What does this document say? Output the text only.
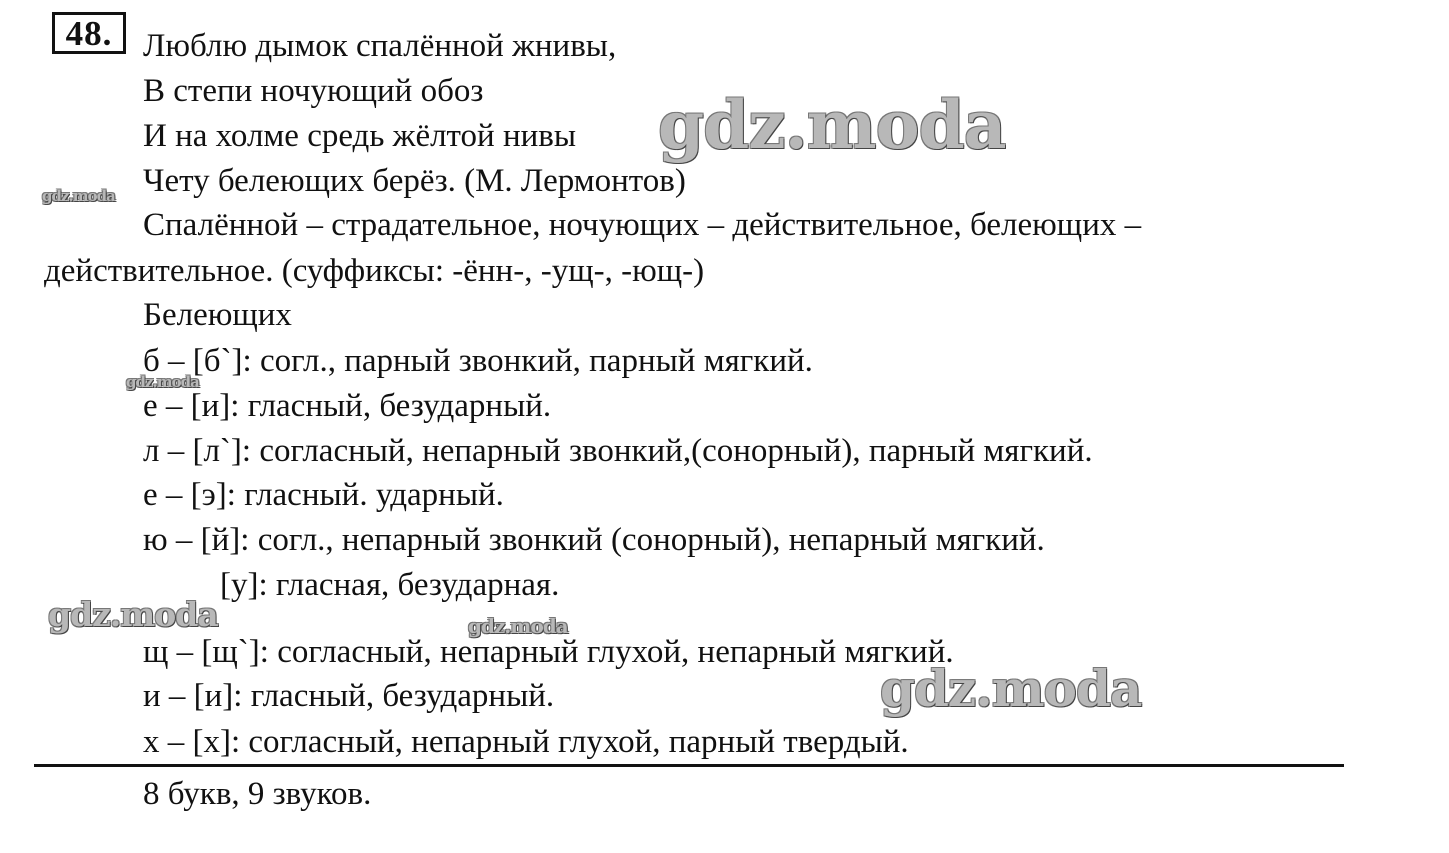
48. Люблю дымок спалённой жнивы,
В степи ночующий обоз
И на холме средь жёлтой нивы
Чету белеющих берёз. (М. Лермонтов)
Спалённой – страдательное, ночующих – действительное, белеющих –
действительное. (суффиксы: -ённ-, -ущ-, -ющ-)
Белеющих
б – [б`]: согл., парный звонкий, парный мягкий.
е – [и]: гласный, безударный.
л – [л`]: согласный, непарный звонкий,(сонорный), парный мягкий.
е – [э]: гласный. ударный.
ю – [й]: согл., непарный звонкий (сонорный), непарный мягкий.
[у]: гласная, безударная.
щ – [щ`]: согласный, непарный глухой, непарный мягкий.
и – [и]: гласный, безударный.
х – [х]: согласный, непарный глухой, парный твердый.
8 букв, 9 звуков.
gdz.moda
gdz.moda
gdz.moda
gdz.moda	gdz.moda
gdz.moda
